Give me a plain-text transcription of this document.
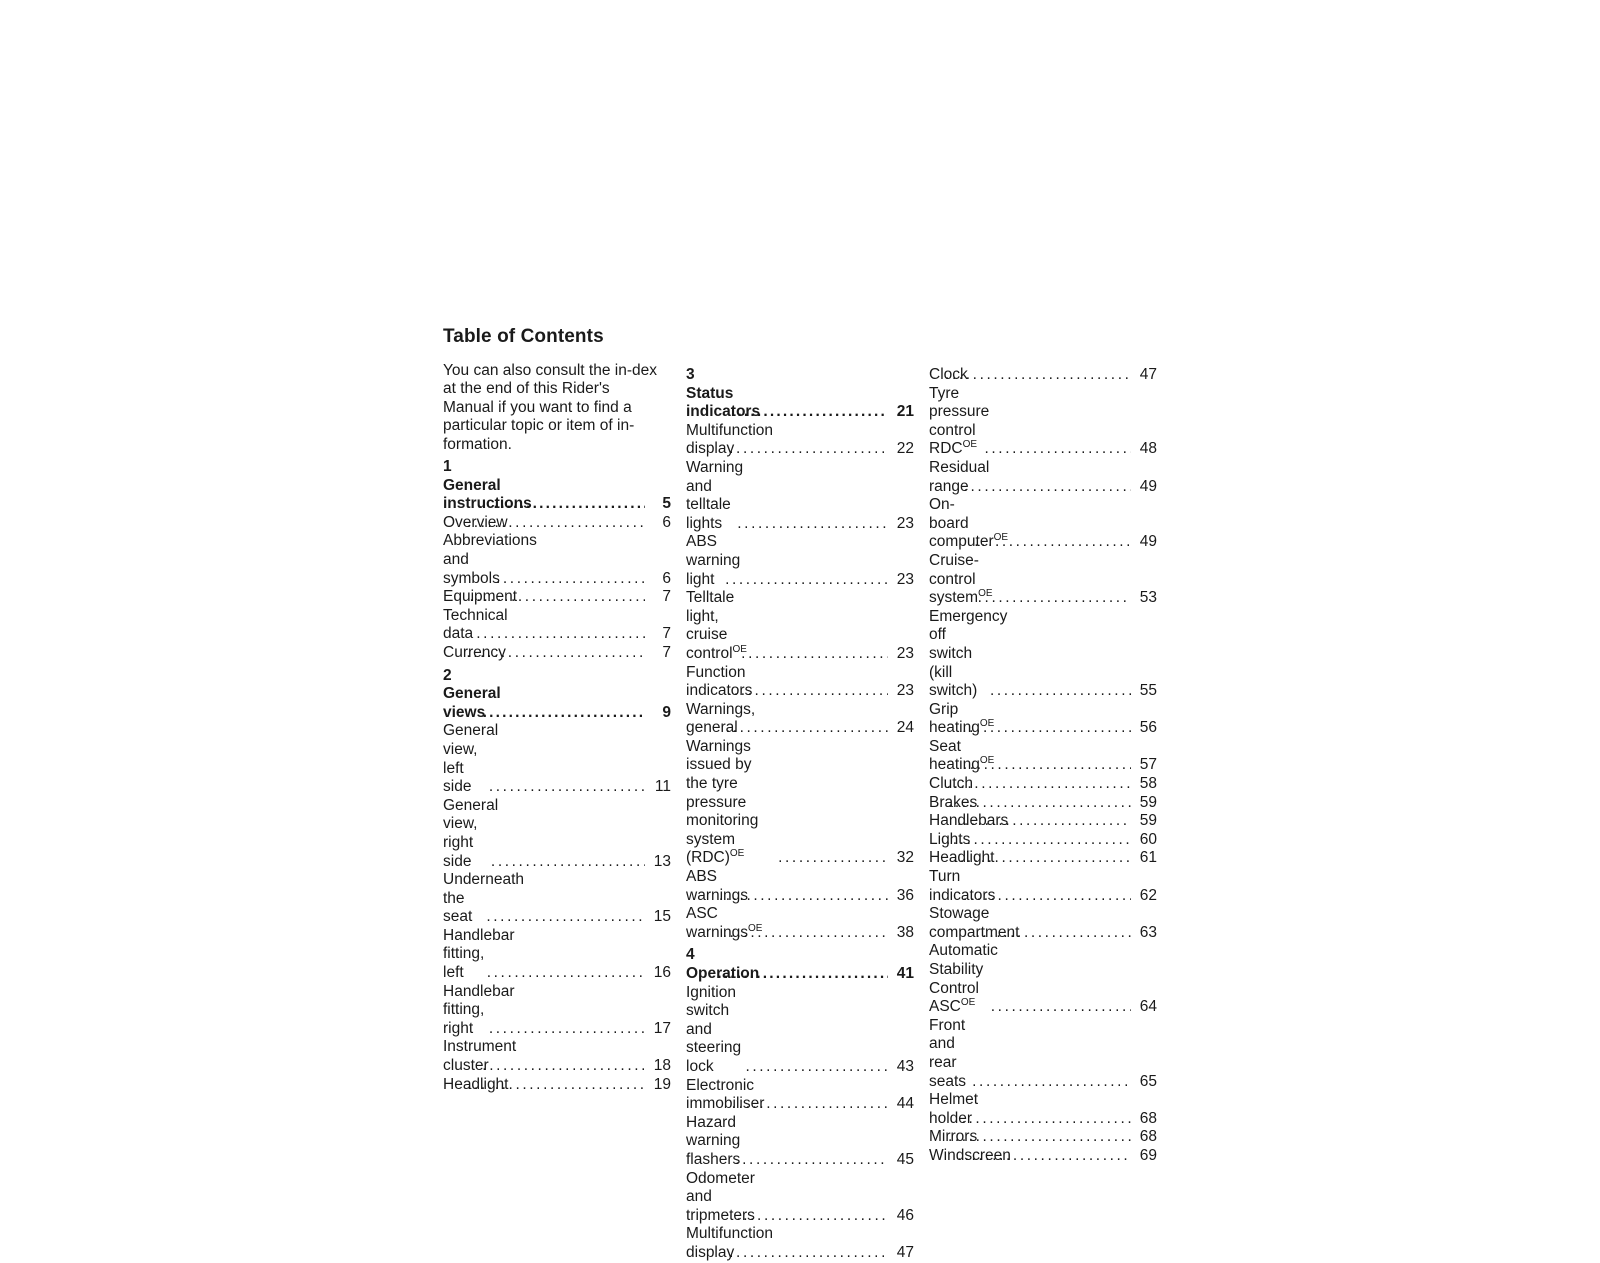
Table of Contents

You can also consult the in-dex at the end of this Rider's Manual if you want to find a particular topic or item of in-formation.

1 General instructions .....	5
Overview .....	6
Abbreviations and symbols .....	6
Equipment .....	7
Technical data .....	7
Currency .....	7
2 General views .....	9
General view, left side .....	11
General view, right side .....	13
Underneath the seat .....	15
Handlebar fitting, left .....	16
Handlebar fitting, right .....	17
Instrument cluster .....	18
Headlight .....	19
3 Status indicators .....	21
Multifunction display .....	22
Warning and telltale lights .....	23
ABS warning light .....	23
Telltale light, cruise control$^{OE}$ .....	23
Function indicators .....	23
Warnings, general .....	24
Warnings issued by the tyre pressure monitoring system (RDC)$^{OE}$ .....	32
ABS warnings .....	36
ASC warnings$^{OE}$ .....	38
4 Operation .....	41
Ignition switch and steering lock .....	43
Electronic immobiliser .....	44
Hazard warning flashers .....	45
Odometer and tripmeters .....	46
Multifunction display .....	47
Clock .....	47
Tyre pressure control $RDC^{OE}$ .....	48
Residual range .....	49
On-board computer$^{OE}$ .....	49
Cruise-control system$^{OE}$ .....	53
Emergency off switch (kill switch) .....	55
Grip heating$^{OE}$ .....	56
Seat heating$^{OE}$ .....	57
Clutch .....	58
Brakes .....	59
Handlebars .....	59
Lights .....	60
Headlight .....	61
Turn indicators .....	62
Stowage compartment .....	63
Automatic Stability Control $ASC^{OE}$ .....	64
Front and rear seats .....	65
Helmet holder .....	68
Mirrors .....	68
Windscreen .....	69
